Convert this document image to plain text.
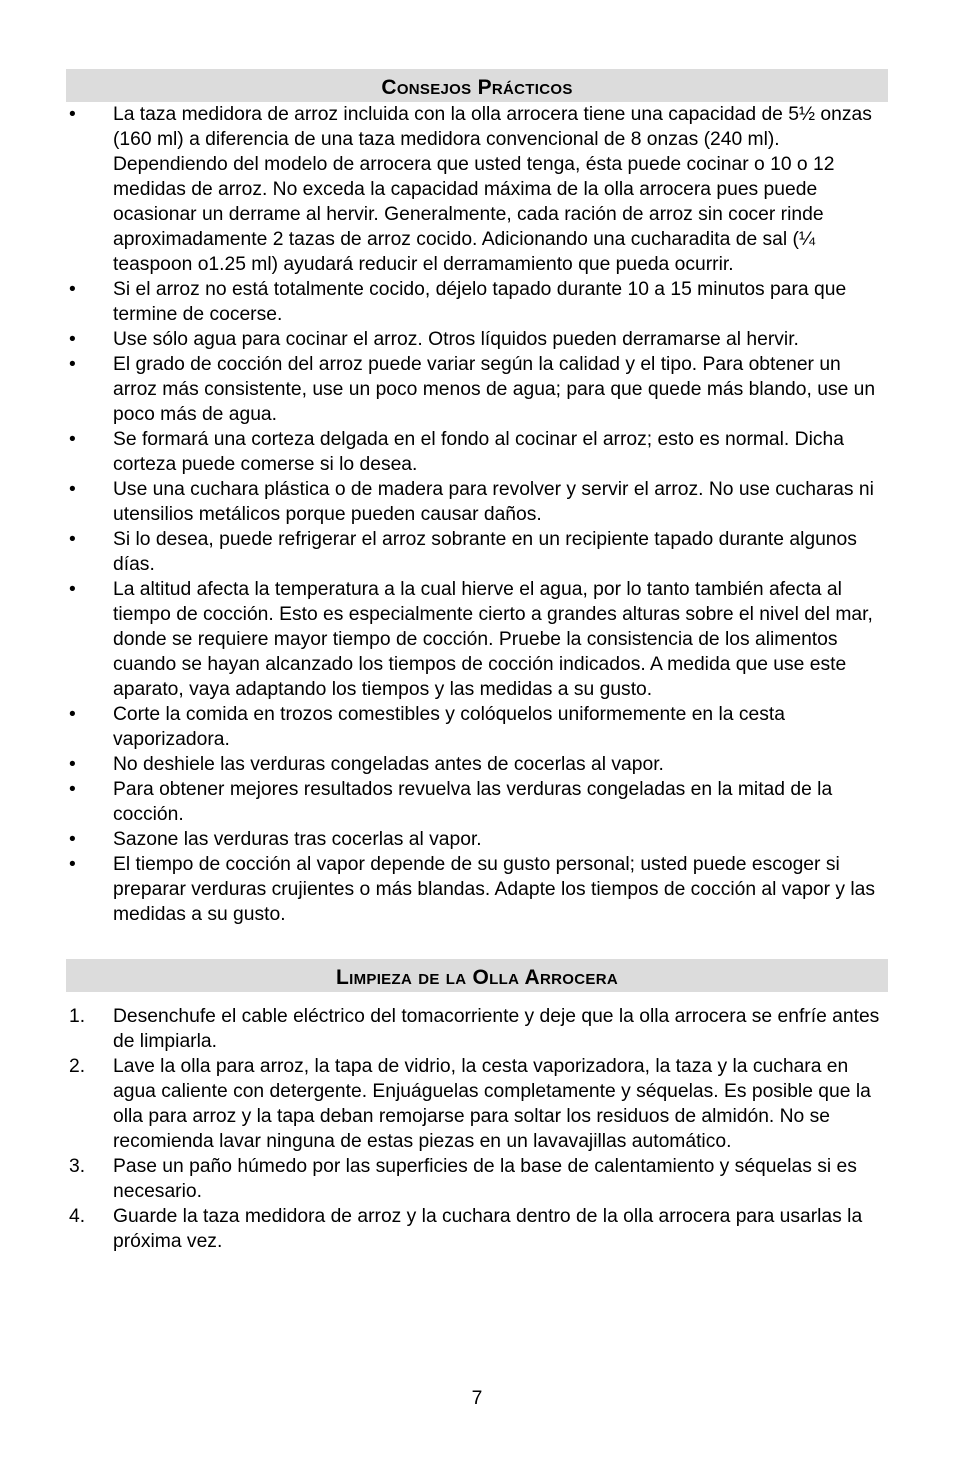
Consejos Prácticos
• La taza medidora de arroz incluida con la olla arrocera tiene una capacidad de 5½ onzas (160 ml) a diferencia de una taza medidora convencional de 8 onzas (240 ml). Dependiendo del modelo de arrocera que usted tenga, ésta puede cocinar o 10 o 12 medidas de arroz. No exceda la capacidad máxima de la olla arrocera pues puede ocasionar un derrame al hervir. Generalmente, cada ración de arroz sin cocer rinde aproximadamente 2 tazas de arroz cocido. Adicionando una cucharadita de sal (¼ teaspoon o1.25 ml) ayudará reducir el derramamiento que pueda ocurrir.
• Si el arroz no está totalmente cocido, déjelo tapado durante 10 a 15 minutos para que termine de cocerse.
• Use sólo agua para cocinar el arroz. Otros líquidos pueden derramarse al hervir.
• El grado de cocción del arroz puede variar según la calidad y el tipo. Para obtener un arroz más consistente, use un poco menos de agua; para que quede más blando, use un poco más de agua.
• Se formará una corteza delgada en el fondo al cocinar el arroz; esto es normal. Dicha corteza puede comerse si lo desea.
• Use una cuchara plástica o de madera para revolver y servir el arroz. No use cucharas ni utensilios metálicos porque pueden causar daños.
• Si lo desea, puede refrigerar el arroz sobrante en un recipiente tapado durante algunos días.
• La altitud afecta la temperatura a la cual hierve el agua, por lo tanto también afecta al tiempo de cocción. Esto es especialmente cierto a grandes alturas sobre el nivel del mar, donde se requiere mayor tiempo de cocción. Pruebe la consistencia de los alimentos cuando se hayan alcanzado los tiempos de cocción indicados. A medida que use este aparato, vaya adaptando los tiempos y las medidas a su gusto.
• Corte la comida en trozos comestibles y colóquelos uniformemente en la cesta vaporizadora.
• No deshiele las verduras congeladas antes de cocerlas al vapor.
• Para obtener mejores resultados revuelva las verduras congeladas en la mitad de la cocción.
• Sazone las verduras tras cocerlas al vapor.
• El tiempo de cocción al vapor depende de su gusto personal; usted puede escoger si preparar verduras crujientes o más blandas. Adapte los tiempos de cocción al vapor y las medidas a su gusto.
Limpieza de la Olla Arrocera
1. Desenchufe el cable eléctrico del tomacorriente y deje que la olla arrocera se enfríe antes de limpiarla.
2. Lave la olla para arroz, la tapa de vidrio, la cesta vaporizadora, la taza y la cuchara en agua caliente con detergente. Enjuáguelas completamente y séquelas. Es posible que la olla para arroz y la tapa deban remojarse para soltar los residuos de almidón. No se recomienda lavar ninguna de estas piezas en un lavavajillas automático.
3. Pase un paño húmedo por las superficies de la base de calentamiento y séquelas si es necesario.
4. Guarde la taza medidora de arroz y la cuchara dentro de la olla arrocera para usarlas la próxima vez.
7
